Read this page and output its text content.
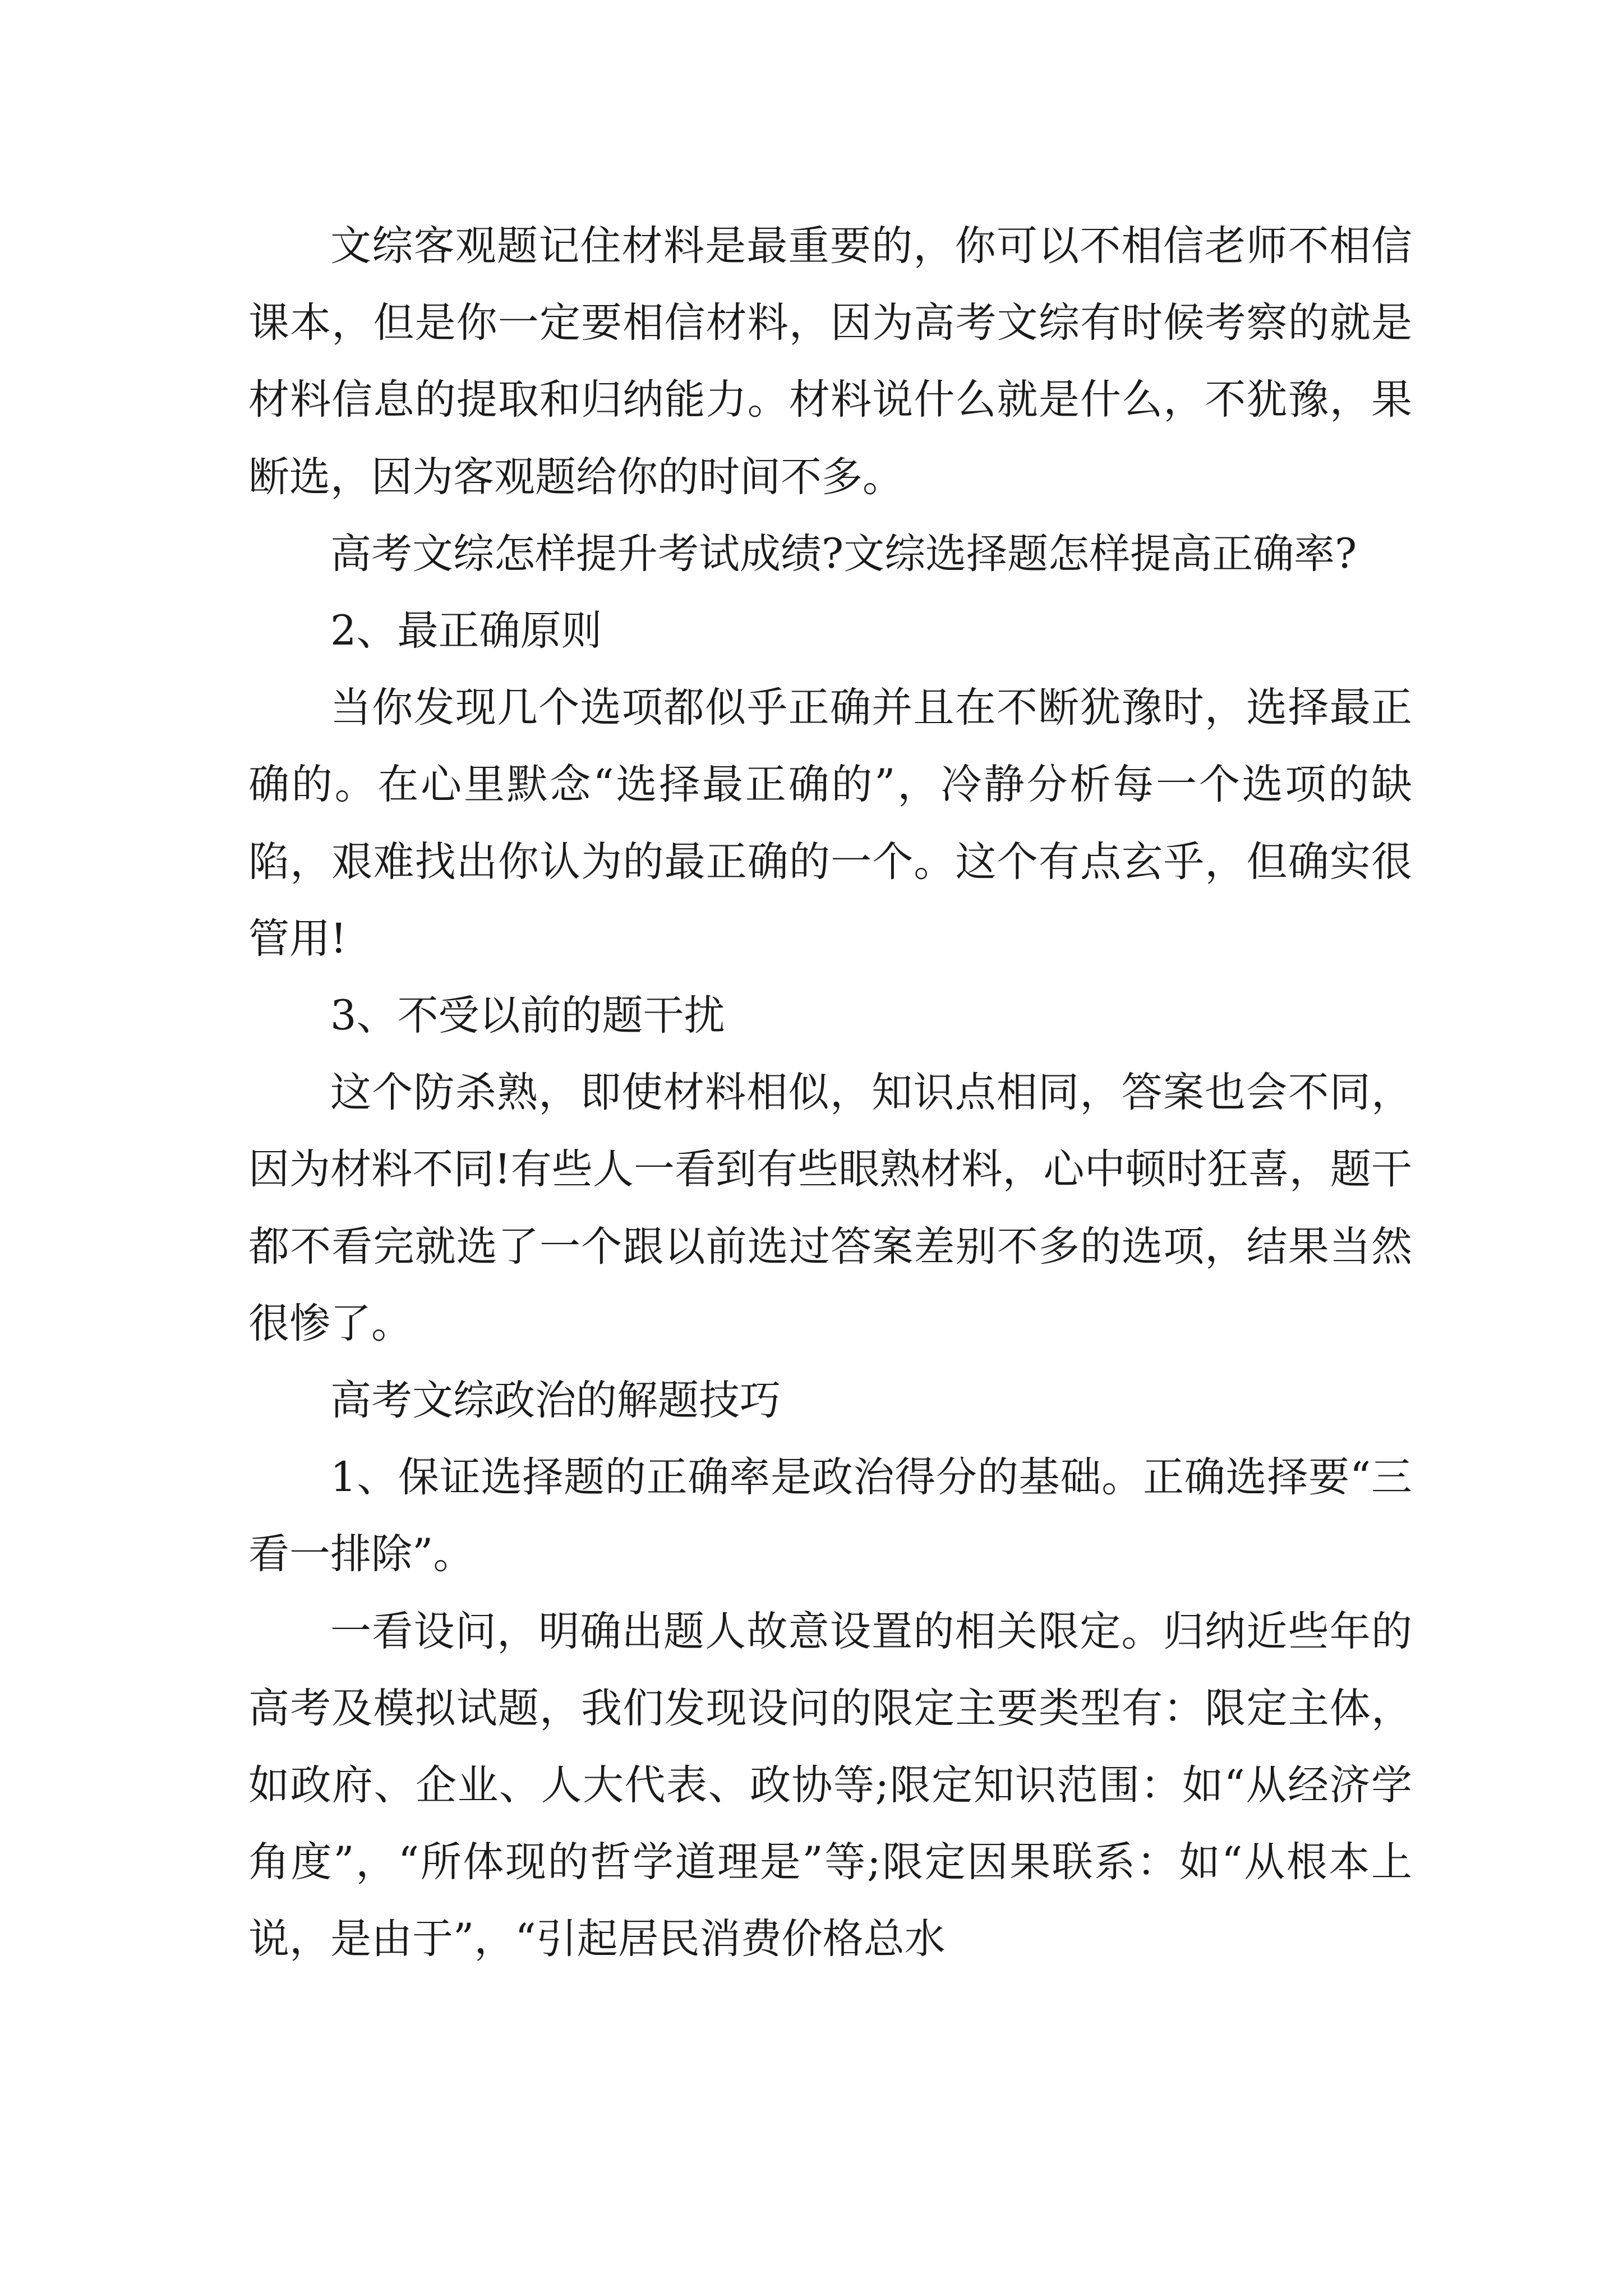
文综客观题记住材料是最重要的，你可以不相信老师不相信课本，但是你一定要相信材料，因为高考文综有时候考察的就是材料信息的提取和归纳能力。材料说什么就是什么，不犹豫，果断选，因为客观题给你的时间不多。

高考文综怎样提升考试成绩?文综选择题怎样提高正确率?

2、最正确原则

当你发现几个选项都似乎正确并且在不断犹豫时，选择最正确的。在心里默念“选择最正确的”，冷静分析每一个选项的缺陷，艰难找出你认为的最正确的一个。这个有点玄乎，但确实很管用!

3、不受以前的题干扰

这个防杀熟，即使材料相似，知识点相同，答案也会不同，因为材料不同!有些人一看到有些眼熟材料，心中顿时狂喜，题干都不看完就选了一个跟以前选过答案差别不多的选项，结果当然很惨了。

高考文综政治的解题技巧

1、保证选择题的正确率是政治得分的基础。正确选择要“三看一排除”。

一看设问，明确出题人故意设置的相关限定。归纳近些年的高考及模拟试题，我们发现设问的限定主要类型有：限定主体，如政府、企业、人大代表、政协等;限定知识范围：如“从经济学角度”，“所体现的哲学道理是”等;限定因果联系：如“从根本上说，是由于”，“引起居民消费价格总水
